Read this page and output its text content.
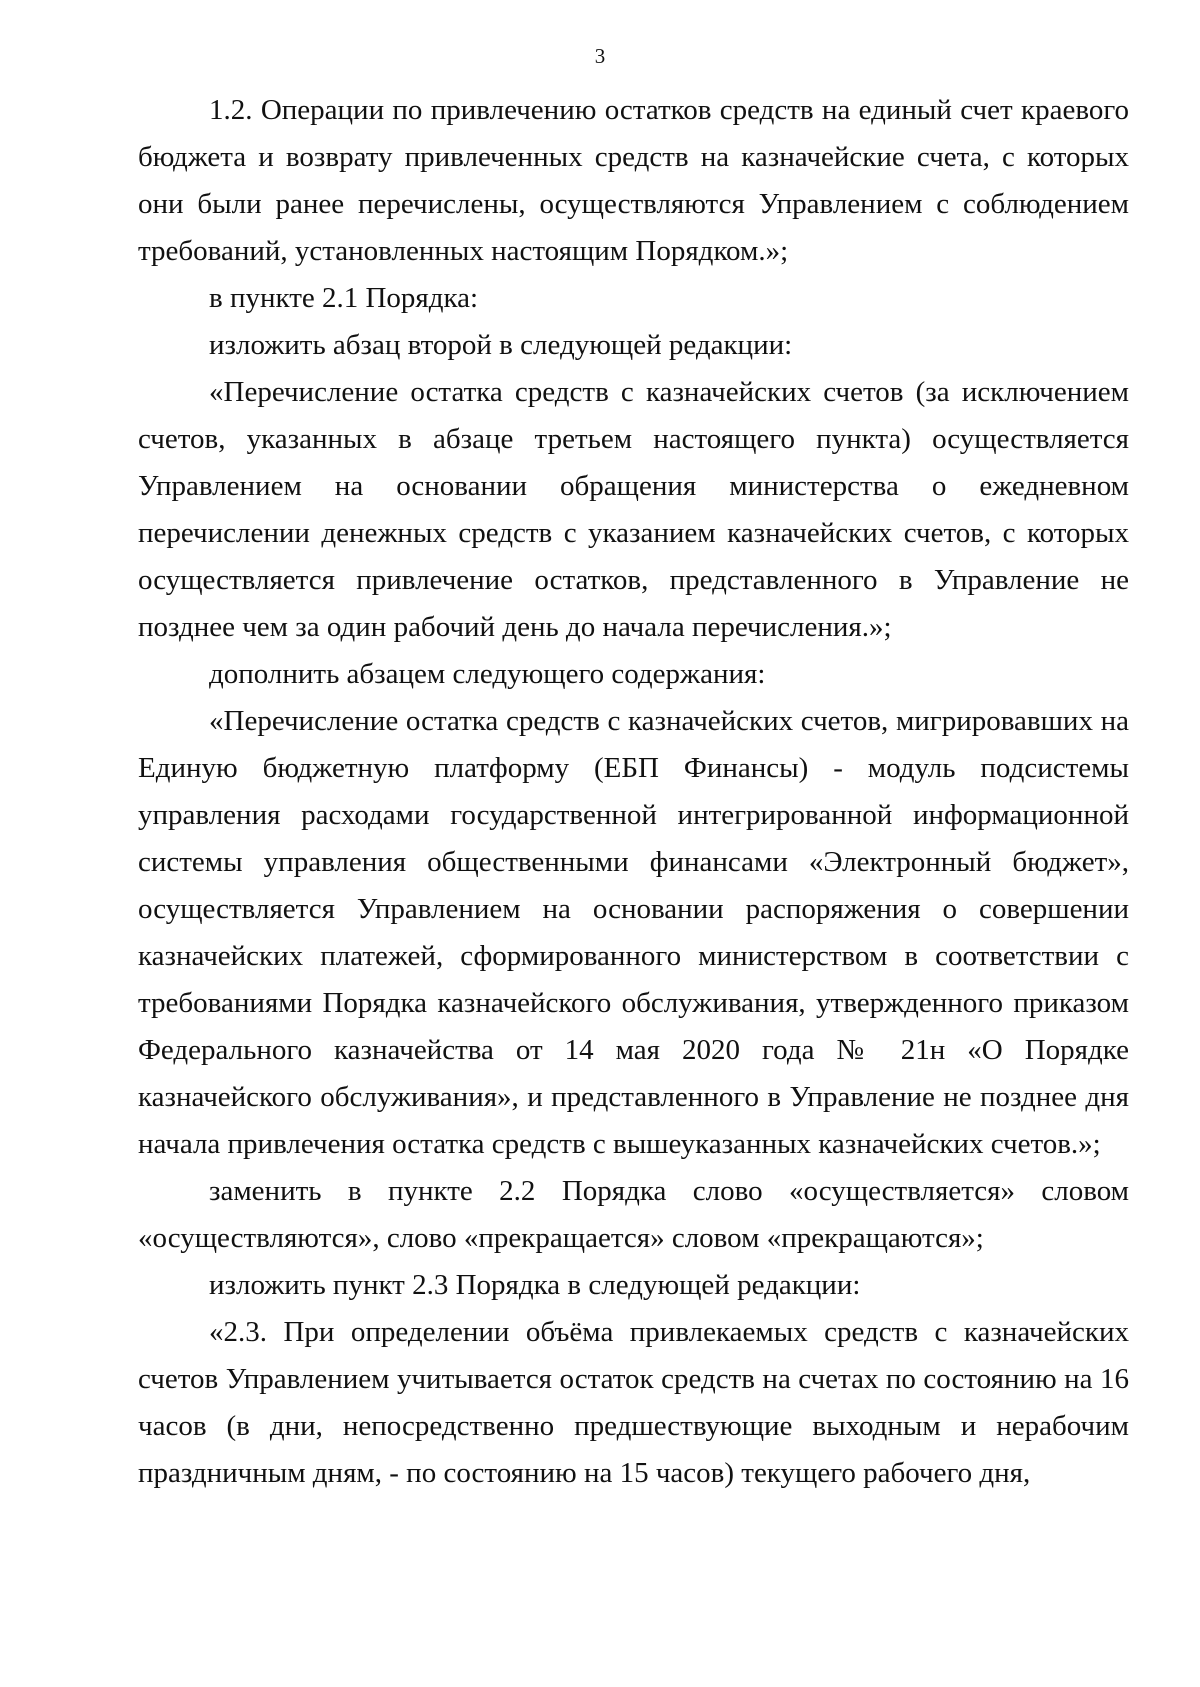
3

1.2. Операции по привлечению остатков средств на единый счет краевого бюджета и возврату привлеченных средств на казначейские счета, с которых они были ранее перечислены, осуществляются Управлением с соблюдением требований, установленных настоящим Порядком.»;

в пункте 2.1 Порядка:

изложить абзац второй в следующей редакции:

«Перечисление остатка средств с казначейских счетов (за исключением счетов, указанных в абзаце третьем настоящего пункта) осуществляется Управлением на основании обращения министерства о ежедневном перечислении денежных средств с указанием казначейских счетов, с которых осуществляется привлечение остатков, представленного в Управление не позднее чем за один рабочий день до начала перечисления.»;

дополнить абзацем следующего содержания:

«Перечисление остатка средств с казначейских счетов, мигрировавших на Единую бюджетную платформу (ЕБП Финансы) - модуль подсистемы управления расходами государственной интегрированной информационной системы управления общественными финансами «Электронный бюджет», осуществляется Управлением на основании распоряжения о совершении казначейских платежей, сформированного министерством в соответствии с требованиями Порядка казначейского обслуживания, утвержденного приказом Федерального казначейства от 14 мая 2020 года № 21н «О Порядке казначейского обслуживания», и представленного в Управление не позднее дня начала привлечения остатка средств с вышеуказанных казначейских счетов.»;

заменить в пункте 2.2 Порядка слово «осуществляется» словом «осуществляются», слово «прекращается» словом «прекращаются»;

изложить пункт 2.3 Порядка в следующей редакции:

«2.3. При определении объёма привлекаемых средств с казначейских счетов Управлением учитывается остаток средств на счетах по состоянию на 16 часов (в дни, непосредственно предшествующие выходным и нерабочим праздничным дням, - по состоянию на 15 часов) текущего рабочего дня,
